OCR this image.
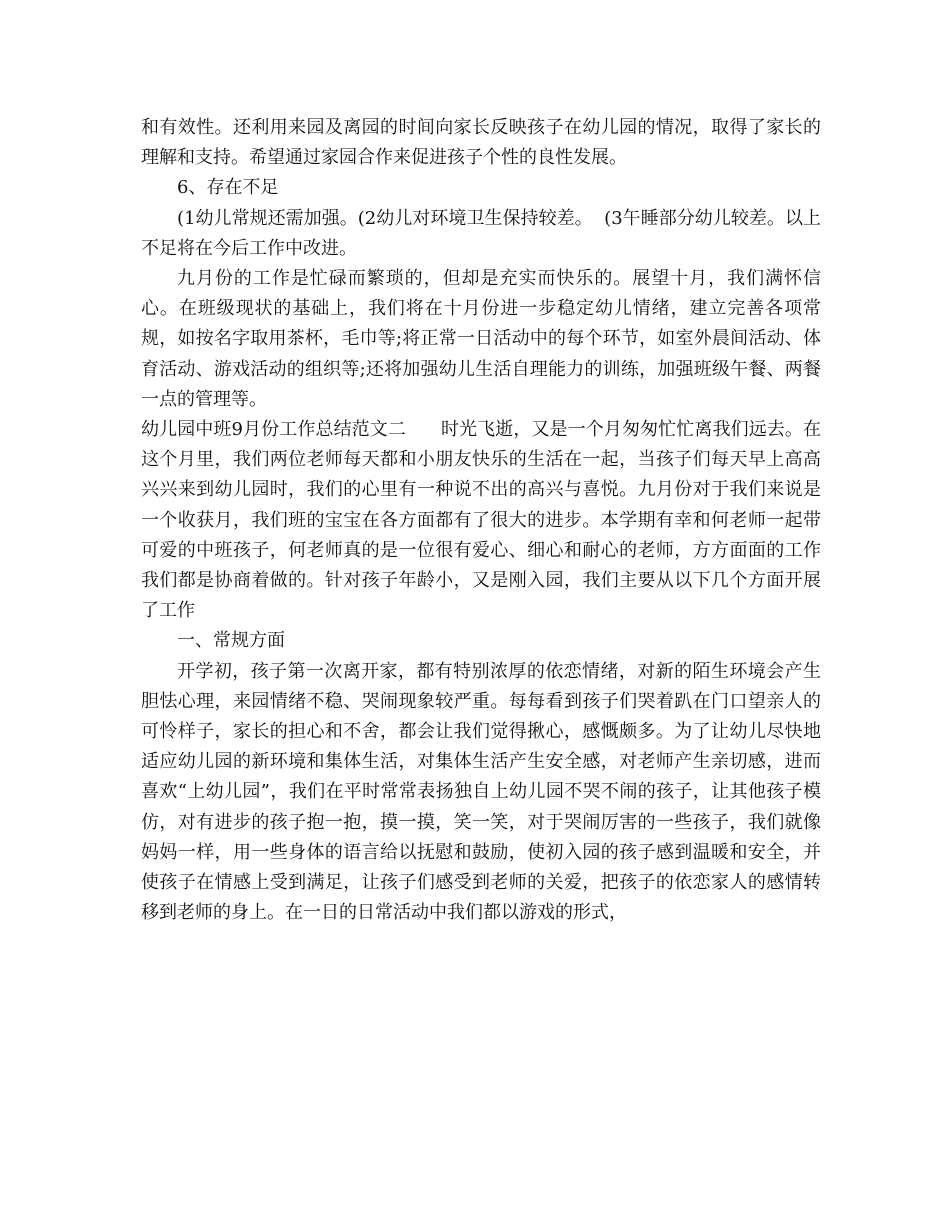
和有效性。还利用来园及离园的时间向家长反映孩子在幼儿园的情况，取得了家长的理解和支持。希望通过家园合作来促进孩子个性的良性发展。

6、存在不足

(1幼儿常规还需加强。(2幼儿对环境卫生保持较差。  (3午睡部分幼儿较差。以上不足将在今后工作中改进。

九月份的工作是忙碌而繁琐的，但却是充实而快乐的。展望十月，我们满怀信心。在班级现状的基础上，我们将在十月份进一步稳定幼儿情绪，建立完善各项常规，如按名字取用茶杯，毛巾等;将正常一日活动中的每个环节，如室外晨间活动、体育活动、游戏活动的组织等;还将加强幼儿生活自理能力的训练，加强班级午餐、两餐一点的管理等。

幼儿园中班9月份工作总结范文二      时光飞逝，又是一个月匆匆忙忙离我们远去。在这个月里，我们两位老师每天都和小朋友快乐的生活在一起，当孩子们每天早上高高兴兴来到幼儿园时，我们的心里有一种说不出的高兴与喜悦。九月份对于我们来说是一个收获月，我们班的宝宝在各方面都有了很大的进步。本学期有幸和何老师一起带可爱的中班孩子，何老师真的是一位很有爱心、细心和耐心的老师，方方面面的工作我们都是协商着做的。针对孩子年龄小，又是刚入园，我们主要从以下几个方面开展了工作

一、常规方面

开学初，孩子第一次离开家，都有特别浓厚的依恋情绪，对新的陌生环境会产生胆怯心理，来园情绪不稳、哭闹现象较严重。每每看到孩子们哭着趴在门口望亲人的可怜样子，家长的担心和不舍，都会让我们觉得揪心，感慨颇多。为了让幼儿尽快地适应幼儿园的新环境和集体生活，对集体生活产生安全感，对老师产生亲切感，进而喜欢“上幼儿园”，我们在平时常常表扬独自上幼儿园不哭不闹的孩子，让其他孩子模仿，对有进步的孩子抱一抱，摸一摸，笑一笑，对于哭闹厉害的一些孩子，我们就像妈妈一样，用一些身体的语言给以抚慰和鼓励，使初入园的孩子感到温暖和安全，并使孩子在情感上受到满足，让孩子们感受到老师的关爱，把孩子的依恋家人的感情转移到老师的身上。在一日的日常活动中我们都以游戏的形式，
